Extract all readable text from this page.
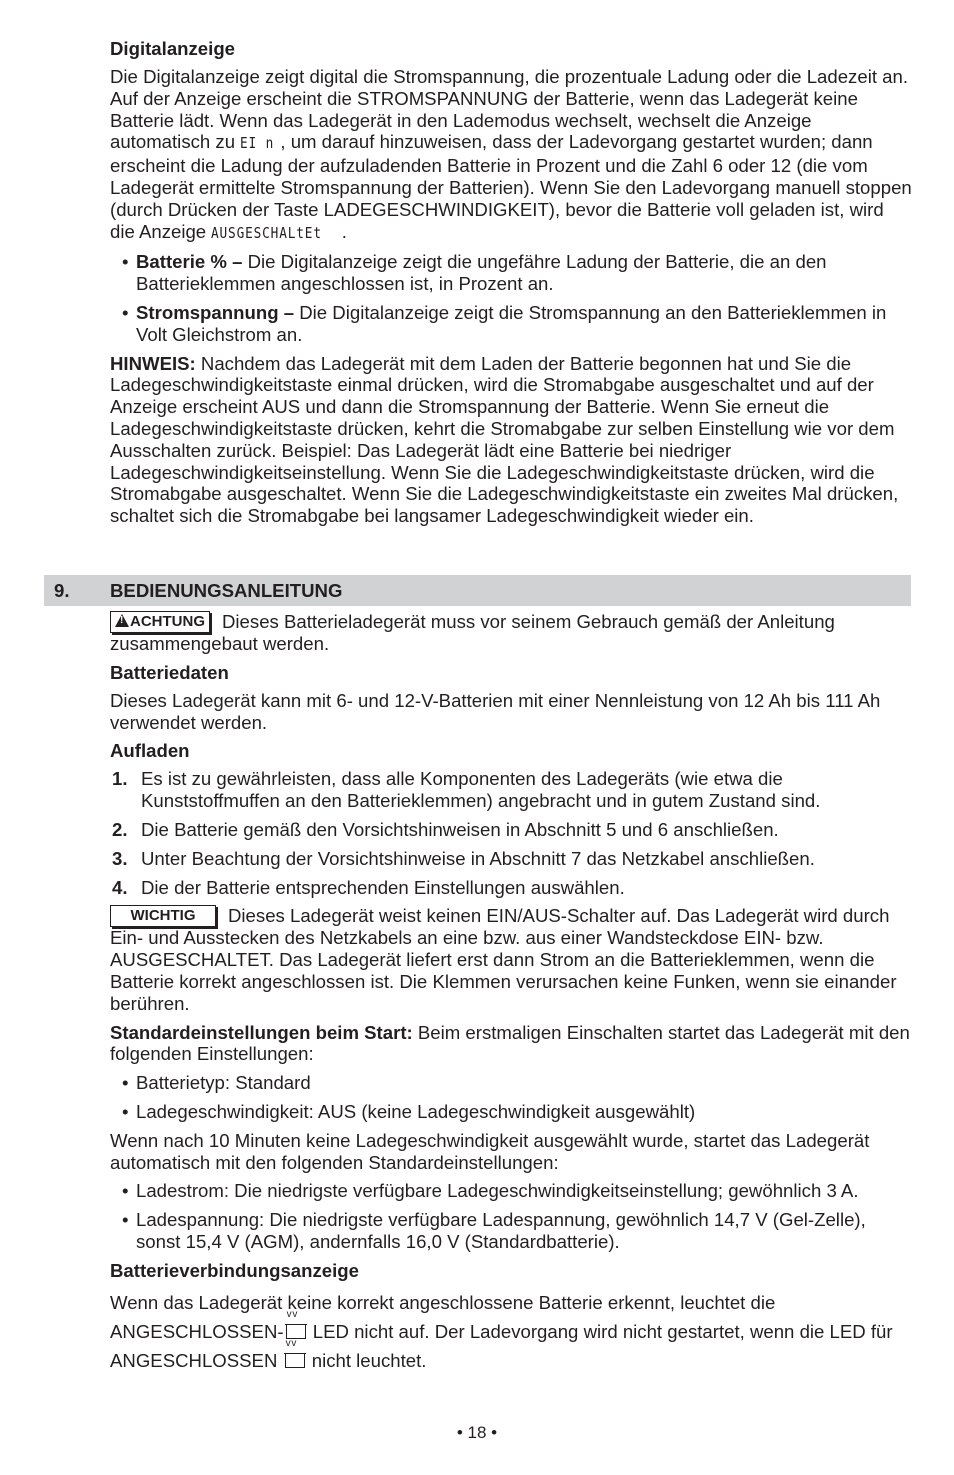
Digitalanzeige

Die Digitalanzeige zeigt digital die Stromspannung, die prozentuale Ladung oder die Ladezeit an. Auf der Anzeige erscheint die STROMSPANNUNG der Batterie, wenn das Ladegerät keine Batterie lädt. Wenn das Ladegerät in den Lademodus wechselt, wechselt die Anzeige automatisch zu EI n , um darauf hinzuweisen, dass der Ladevorgang gestartet wurden; dann erscheint die Ladung der aufzuladenden Batterie in Prozent und die Zahl 6 oder 12 (die vom Ladegerät ermittelte Stromspannung der Batterien). Wenn Sie den Ladevorgang manuell stoppen (durch Drücken der Taste LADEGESCHWINDIGKEIT), bevor die Batterie voll geladen ist, wird die Anzeige AUSGESCHALtEt .

• Batterie % – Die Digitalanzeige zeigt die ungefähre Ladung der Batterie, die an den Batterieklemmen angeschlossen ist, in Prozent an.
• Stromspannung – Die Digitalanzeige zeigt die Stromspannung an den Batterieklemmen in Volt Gleichstrom an.

HINWEIS: Nachdem das Ladegerät mit dem Laden der Batterie begonnen hat und Sie die Ladegeschwindigkeitstaste einmal drücken, wird die Stromabgabe ausgeschaltet und auf der Anzeige erscheint AUS und dann die Stromspannung der Batterie. Wenn Sie erneut die Ladegeschwindigkeitstaste drücken, kehrt die Stromabgabe zur selben Einstellung wie vor dem Ausschalten zurück. Beispiel: Das Ladegerät lädt eine Batterie bei niedriger Ladegeschwindigkeitseinstellung. Wenn Sie die Ladegeschwindigkeitstaste drücken, wird die Stromabgabe ausgeschaltet. Wenn Sie die Ladegeschwindigkeitstaste ein zweites Mal drücken, schaltet sich die Stromabgabe bei langsamer Ladegeschwindigkeit wieder ein.

9. BEDIENUNGSANLEITUNG

!ACHTUNG Dieses Batterieladegerät muss vor seinem Gebrauch gemäß der Anleitung zusammengebaut werden.

Batteriedaten

Dieses Ladegerät kann mit 6- und 12-V-Batterien mit einer Nennleistung von 12 Ah bis 111 Ah verwendet werden.

Aufladen

1. Es ist zu gewährleisten, dass alle Komponenten des Ladegeräts (wie etwa die Kunststoffmuffen an den Batterieklemmen) angebracht und in gutem Zustand sind.
2. Die Batterie gemäß den Vorsichtshinweisen in Abschnitt 5 und 6 anschließen.
3. Unter Beachtung der Vorsichtshinweise in Abschnitt 7 das Netzkabel anschließen.
4. Die der Batterie entsprechenden Einstellungen auswählen.

WICHTIG Dieses Ladegerät weist keinen EIN/AUS-Schalter auf. Das Ladegerät wird durch Ein- und Ausstecken des Netzkabels an eine bzw. aus einer Wandsteckdose EIN- bzw. AUSGESCHALTET. Das Ladegerät liefert erst dann Strom an die Batterieklemmen, wenn die Batterie korrekt angeschlossen ist. Die Klemmen verursachen keine Funken, wenn sie einander berühren.

Standardeinstellungen beim Start: Beim erstmaligen Einschalten startet das Ladegerät mit den folgenden Einstellungen:

• Batterietyp: Standard
• Ladegeschwindigkeit: AUS (keine Ladegeschwindigkeit ausgewählt)

Wenn nach 10 Minuten keine Ladegeschwindigkeit ausgewählt wurde, startet das Ladegerät automatisch mit den folgenden Standardeinstellungen:

• Ladestrom: Die niedrigste verfügbare Ladegeschwindigkeitseinstellung; gewöhnlich 3 A.
• Ladespannung: Die niedrigste verfügbare Ladespannung, gewöhnlich 14,7 V (Gel-Zelle), sonst 15,4 V (AGM), andernfalls 16,0 V (Standardbatterie).

Batterieverbindungsanzeige

Wenn das Ladegerät keine korrekt angeschlossene Batterie erkennt, leuchtet die ANGESCHLOSSEN-v v LED nicht auf. Der Ladevorgang wird nicht gestartet, wenn die LED für ANGESCHLOSSEN v v nicht leuchtet.

• 18 •
